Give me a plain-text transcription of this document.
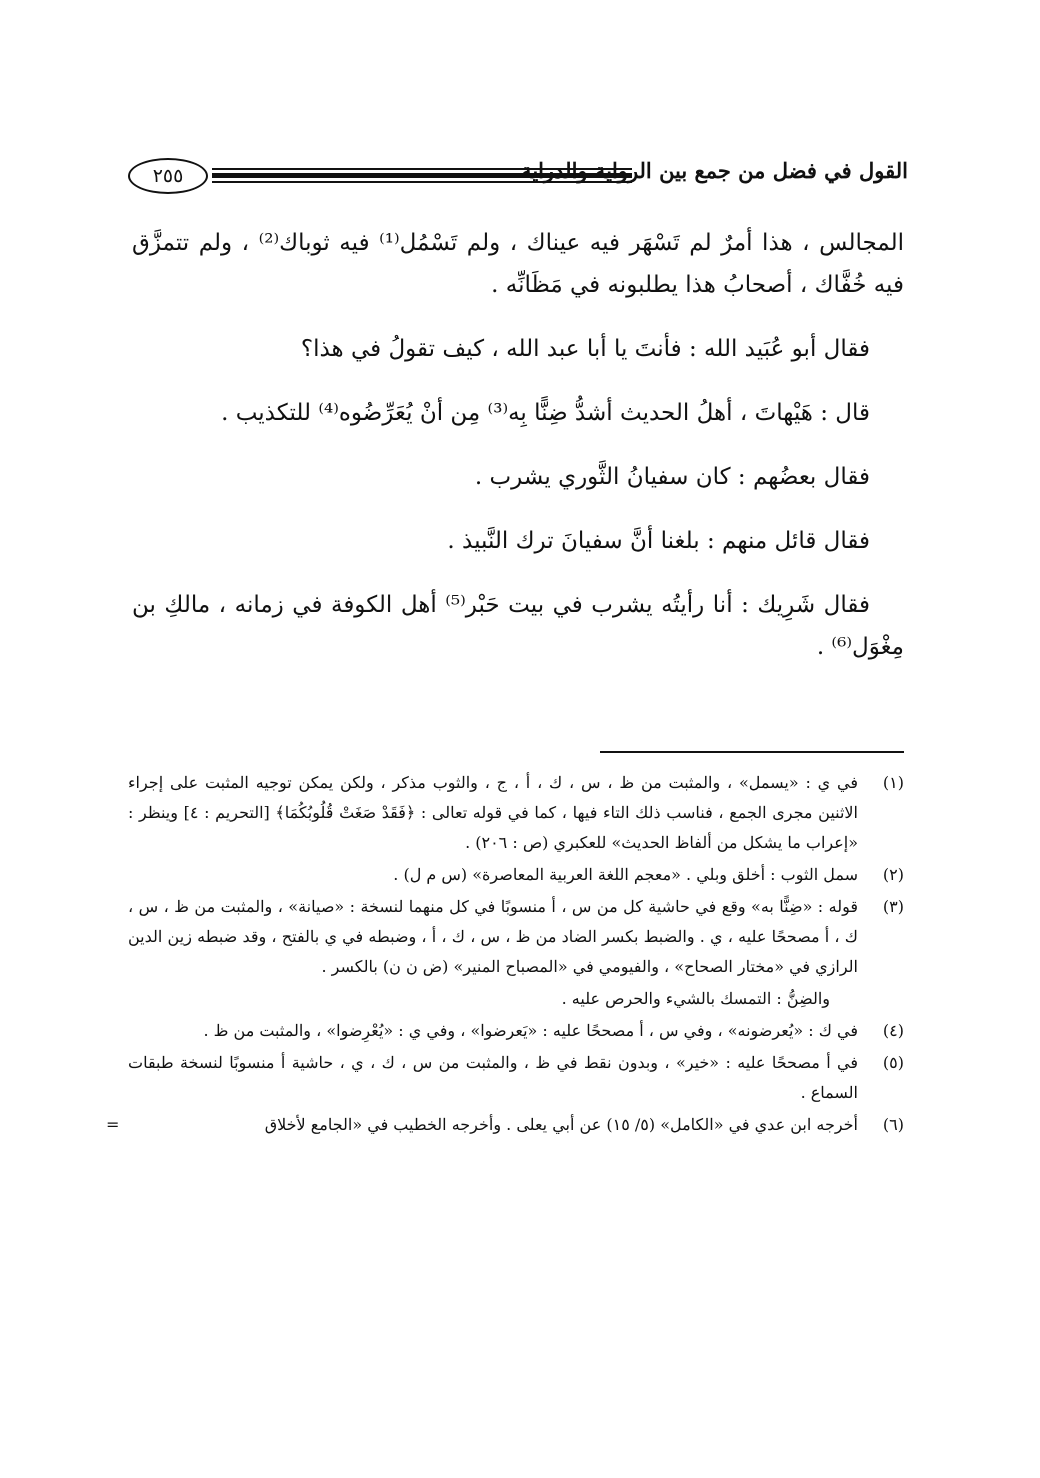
٢٥٥	القول في فضل من جمع بين الرواية والدراية

المجالس ، هذا أمرٌ لم تَسْهَر فيه عيناك ، ولم تَسْمُل⁽¹⁾ فيه ثوباك⁽²⁾ ، ولم تتمزَّق فيه خُفَّاك ، أصحابُ هذا يطلبونه في مَظَانِّه .

فقال أبو عُبَيد الله : فأنتَ يا أبا عبد الله ، كيف تقولُ في هذا؟

قال : هَيْهاتَ ، أهلُ الحديث أشدُّ ضِنًّا بِه⁽³⁾ مِن أنْ يُعَرِّضُوه⁽⁴⁾ للتكذيب .

فقال بعضُهم : كان سفيانُ الثَّوري يشرب .

فقال قائل منهم : بلغنا أنَّ سفيانَ ترك النَّبيذ .

فقال شَرِيك : أنا رأيتُه يشرب في بيت حَبْر⁽⁵⁾ أهل الكوفة في زمانه ، مالكِ بن مِغْوَل⁽⁶⁾ .

(١)
في ي : «يسمل» ، والمثبت من ظ ، س ، ك ، أ ، ج ، والثوب مذكر ، ولكن يمكن توجيه المثبت على إجراء الاثنين مجرى الجمع ، فناسب ذلك التاء فيها ، كما في قوله تعالى : ﴿فَقَدْ صَغَتْ قُلُوبُكُمَا﴾ [التحريم : ٤] وينظر : «إعراب ما يشكل من ألفاظ الحديث» للعكبري (ص : ٢٠٦) .

(٢)
سمل الثوب : أخلق وبلي . «معجم اللغة العربية المعاصرة» (س م ل) .

(٣)
قوله : «ضِنًّا به» وقع في حاشية كل من س ، أ منسوبًا في كل منهما لنسخة : «صيانة» ، والمثبت من ظ ، س ، ك ، أ مصححًا عليه ، ي . والضبط بكسر الضاد من ظ ، س ، ك ، أ ، وضبطه في ي بالفتح ، وقد ضبطه زين الدين الرازي في «مختار الصحاح» ، والفيومي في «المصباح المنير» (ض ن ن) بالكسر .

والضِنُّ : التمسك بالشيء والحرص عليه .

(٤)
في ك : «يُعرضونه» ، وفي س ، أ مصححًا عليه : «يَعرضوا» ، وفي ي : «يُعْرِضوا» ، والمثبت من ظ .

(٥)
في أ مصححًا عليه : «خير» ، وبدون نقط في ظ ، والمثبت من س ، ك ، ي ، حاشية أ منسوبًا لنسخة طبقات السماع .

(٦)
أخرجه ابن عدي في «الكامل» (٥/ ١٥) عن أبي يعلى . وأخرجه الخطيب في «الجامع لأخلاق
=
